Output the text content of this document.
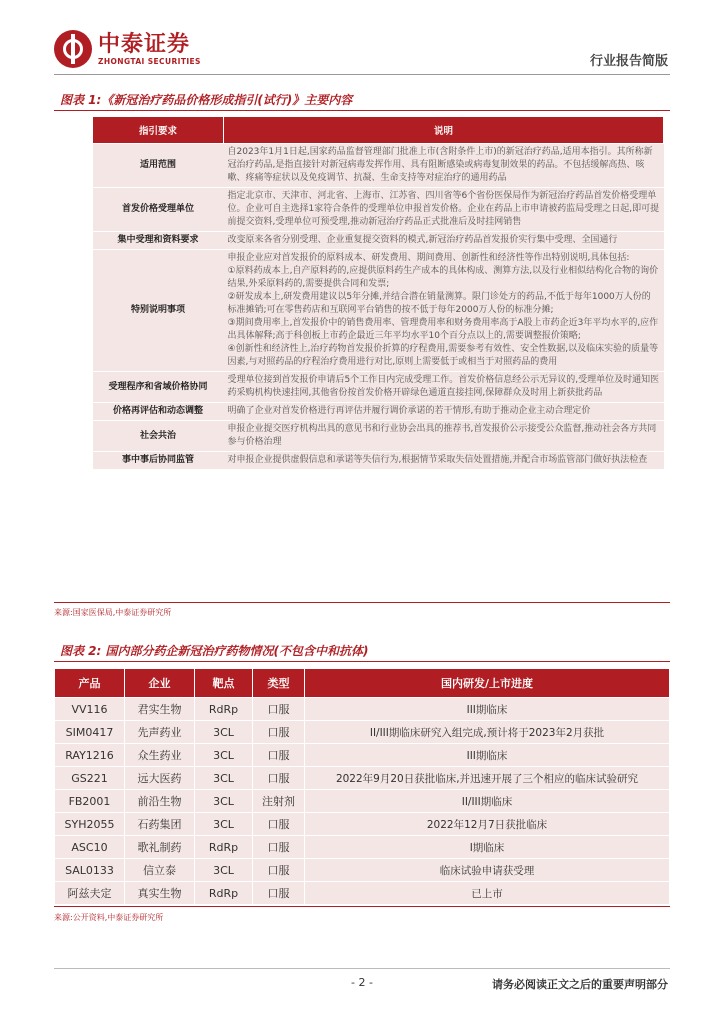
中泰证券
ZHONGTAI SECURITIES	行业报告简版
图表 1:《新冠治疗药品价格形成指引(试行)》主要内容
指引要求	说明
适用范围	自2023年1月1日起,国家药品监督管理部门批准上市(含附条件上市)的新冠治疗药品,适用本指引。其所称新冠治疗药品,是指直接针对新冠病毒发挥作用、具有阻断感染或病毒复制效果的药品。不包括缓解高热、咳嗽、疼痛等症状以及免疫调节、抗凝、生命支持等对症治疗的通用药品

首发价格受理单位	指定北京市、天津市、河北省、上海市、江苏省、四川省等6个省份医保局作为新冠治疗药品首发价格受理单位。企业可自主选择1家符合条件的受理单位申报首发价格。企业在药品上市申请被药监局受理之日起,即可提前提交资料,受理单位可预受理,推动新冠治疗药品正式批准后及时挂网销售

集中受理和资料要求	改变原来各省分别受理、企业重复提交资料的模式,新冠治疗药品首发报价实行集中受理、全国通行

特别说明事项	申报企业应对首发报价的原料成本、研发费用、期间费用、创新性和经济性等作出特别说明,具体包括:
①原料药成本上,自产原料药的,应提供原料药生产成本的具体构成、测算方法,以及行业相似结构化合物的询价结果,外采原料药的,需要提供合同和发票;
②研发成本上,研发费用建议以5年分摊,并结合潜在销量测算。限门诊处方的药品,不低于每年1000万人份的标准摊销;可在零售药店和互联网平台销售的按不低于每年2000万人份的标准分摊;
③期间费用率上,首发报价中的销售费用率、管理费用率和财务费用率高于A股上市药企近3年平均水平的,应作出具体解释;高于科创板上市药企最近三年平均水平10个百分点以上的,需要调整报价策略;
④创新性和经济性上,治疗药物首发报价折算的疗程费用,需要参考有效性、安全性数据,以及临床实验的质量等因素,与对照药品的疗程治疗费用进行对比,原则上需要低于或相当于对照药品的费用

受理程序和省域价格协同	受理单位接到首发报价申请后5个工作日内完成受理工作。首发价格信息经公示无异议的,受理单位及时通知医药采购机构快速挂网,其他省份按首发价格开辟绿色通道直接挂网,保障群众及时用上新获批药品

价格再评估和动态调整	明确了企业对首发价格进行再评估并履行调价承诺的若干情形,有助于推动企业主动合理定价

社会共治	申报企业提交医疗机构出具的意见书和行业协会出具的推荐书,首发报价公示接受公众监督,推动社会各方共同参与价格治理

事中事后协同监管	对申报企业提供虚假信息和承诺等失信行为,根据情节采取失信处置措施,并配合市场监管部门做好执法检查
来源:国家医保局,中泰证券研究所
图表 2: 国内部分药企新冠治疗药物情况(不包含中和抗体)
产品	企业	靶点	类型	国内研发/上市进度
VV116	君实生物	RdRp	口服	III期临床
SIM0417	先声药业	3CL	口服	II/III期临床研究入组完成,预计将于2023年2月获批
RAY1216	众生药业	3CL	口服	III期临床
GS221	远大医药	3CL	口服	2022年9月20日获批临床,并迅速开展了三个相应的临床试验研究
FB2001	前沿生物	3CL	注射剂	II/III期临床
SYH2055	石药集团	3CL	口服	2022年12月7日获批临床
ASC10	歌礼制药	RdRp	口服	I期临床
SAL0133	信立泰	3CL	口服	临床试验申请获受理
阿兹夫定	真实生物	RdRp	口服	已上市
来源:公开资料,中泰证券研究所
- 2 -	请务必阅读正文之后的重要声明部分
